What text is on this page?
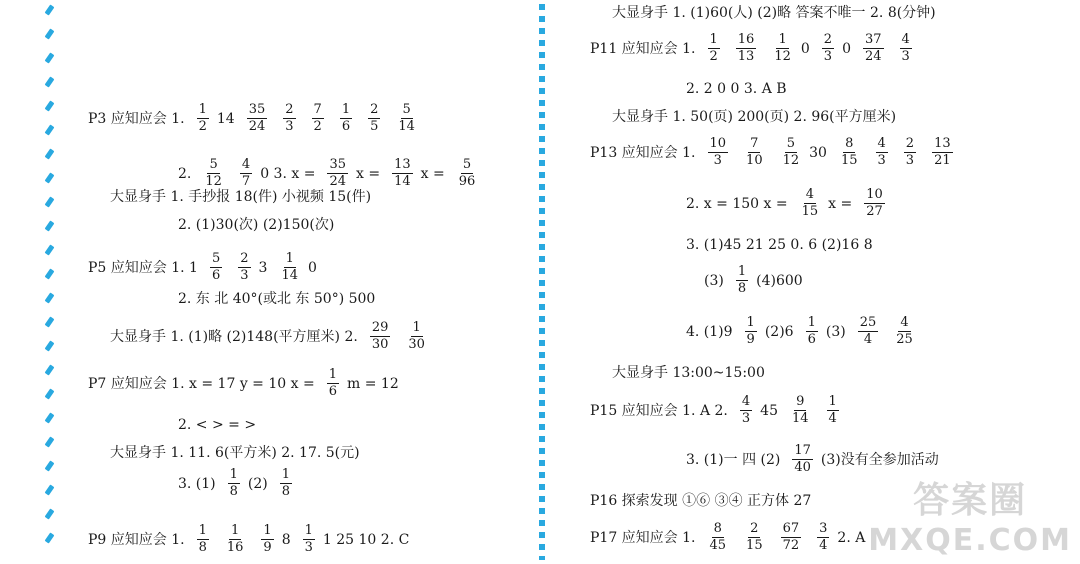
P3 应知应会 1. $\frac{1}{2} 14 \frac{35}{24} \frac{2}{3} \frac{7}{2} \frac{1}{6} \frac{2}{5} \frac{5}{14}$
2. $\frac{5}{12} \frac{4}{7} 0$ 3. $x = \frac{35}{24}$ $x = \frac{13}{14}$ $x = \frac{5}{96}$
大显身手 1. 手抄报 18(件) 小视频 15(件)
2. (1)30(次) (2)150(次)
P5 应知应会 1. $1 \frac{5}{6} \frac{2}{3} 3 \frac{1}{14} 0$
2. 东 北 40°(或北 东 50°) 500
大显身手 1. (1)略 (2)148(平方厘米) 2. $\frac{29}{30} \frac{1}{30}$
P7 应知应会 1. x = 17 y = 10 $x = \frac{1}{6}$ m = 12
2. < > = >
大显身手 1. 11. 6(平方米) 2. 17. 5(元)
3. $(1) \frac{1}{8} (2) \frac{1}{8}$
P9 应知应会 1. $\frac{1}{8} \frac{1}{16} \frac{1}{9} 8 \frac{1}{3} 1$ 25 10 2. C
大显身手 1. (1)60(人) (2)略 答案不唯一 2. 8(分钟)
P11 应知应会 1. $\frac{1}{2} \frac{16}{13} \frac{1}{12} 0 \frac{2}{3} 0 \frac{37}{24} \frac{4}{3}$
2. 2 0 0 3. A B
大显身手 1. 50(页) 200(页) 2. 96(平方厘米)
P13 应知应会 1. $\frac{10}{3} \frac{7}{10} \frac{5}{12} 30 \frac{8}{15} \frac{4}{3} \frac{2}{3} \frac{13}{21}$
2. x = 150 $x = \frac{4}{15}$ $x = \frac{10}{27}$
3. (1)45 21 25 0. 6 (2)16 8
$(3) \frac{1}{8} (4)600$
4. $(1)9 \frac{1}{9} (2)6 \frac{1}{6} (3) \frac{25}{4} \frac{4}{25}$
大显身手 13:00~15:00
P15 应知应会 1. A 2. $\frac{4}{3} 45 \frac{9}{14} \frac{1}{4}$
3. (1)一 四 $(2) \frac{17}{40} (3)$没有全参加活动
P16 探索发现 ①⑥ ③④ 正方体 27
P17 应知应会 1. $\frac{8}{45} \frac{2}{15} \frac{67}{72} \frac{3}{4} 2$. A
答案圈
MXQE.COM
